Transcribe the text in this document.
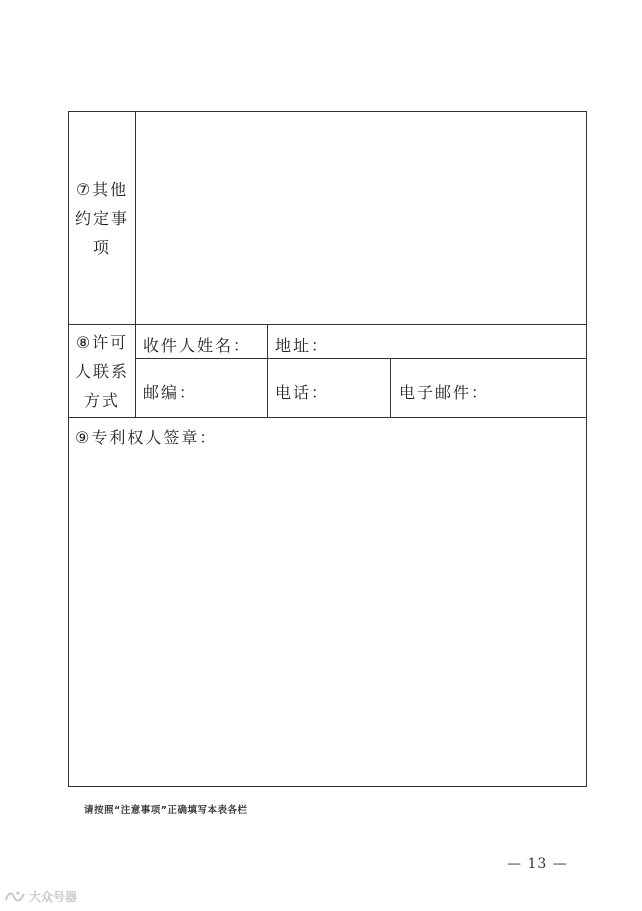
⑦其他
约定事
项
⑧许可
人联系
方式
收件人姓名： 地址：
邮编：	电话：	电子邮件：
⑨专利权人签章：
请按照“注意事项”正确填写本表各栏
— 13 —
大众号器
